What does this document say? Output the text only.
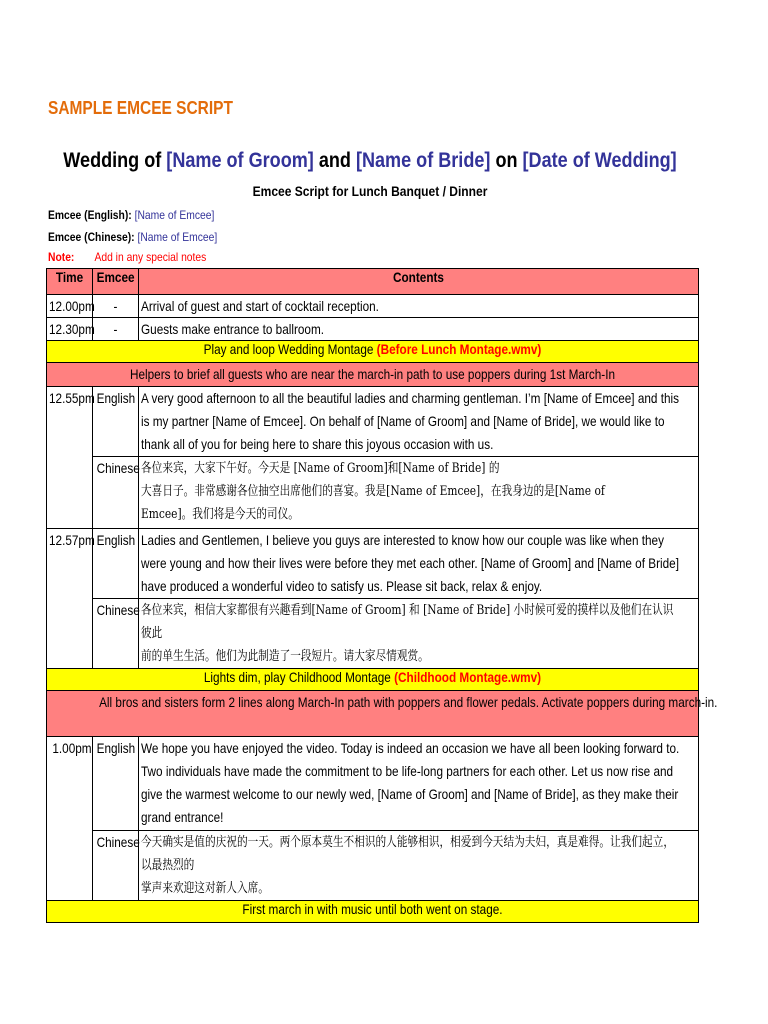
SAMPLE EMCEE SCRIPT
Wedding of [Name of Groom] and [Name of Bride] on [Date of Wedding]
Emcee Script for Lunch Banquet / Dinner
Emcee (English): [Name of Emcee]
Emcee (Chinese): [Name of Emcee]
Note: Add in any special notes
Time	Emcee	Contents

12.00pm	-	Arrival of guest and start of cocktail reception.
12.30pm	-	Guests make entrance to ballroom.

Play and loop Wedding Montage (Before Lunch Montage.wmv)		

Helpers to brief all guests who are near the march-in path to use poppers during 1st March-In		

12.55pm	English	A very good afternoon to all the beautiful ladies and charming gentleman. I’m [Name of Emcee] and this is my partner [Name of Emcee]. On behalf of [Name of Groom] and [Name of Bride], we would like to thank all of you for being here to share this joyous occasion with us.

	Chinese	各位来宾，大家下午好。今天是 [Name of Groom]和[Name of Bride] 的
大喜日子。非常感谢各位抽空出席他们的喜宴。我是[Name of Emcee]，在我身边的是[Name of
Emcee]。我们将是今天的司仪。

12.57pm	English	Ladies and Gentlemen, I believe you guys are interested to know how our couple was like when they were young and how their lives were before they met each other. [Name of Groom] and [Name of Bride] have produced a wonderful video to satisfy us. Please sit back, relax & enjoy.

	Chinese	各位来宾，相信大家都很有兴趣看到[Name of Groom] 和 [Name of Bride] 小时候可爱的摸样以及他们在认识彼此
前的单生生活。他们为此制造了一段短片。请大家尽情观赏。

Lights dim, play Childhood Montage (Childhood Montage.wmv)		

All bros and sisters form 2 lines along March-In path with poppers and flower pedals. Activate poppers during march-in.		

1.00pm	English	We hope you have enjoyed the video. Today is indeed an occasion we have all been looking forward to. Two individuals have made the commitment to be life-long partners for each other. Let us now rise and give the warmest welcome to our newly wed, [Name of Groom] and [Name of Bride], as they make their grand entrance!

	Chinese	今天确实是值的庆祝的一天。两个原本莫生不相识的人能够相识，相爱到今天结为夫妇，真是难得。让我们起立，以最热烈的
掌声来欢迎这对新人入席。

First march in with music until both went on stage.		
